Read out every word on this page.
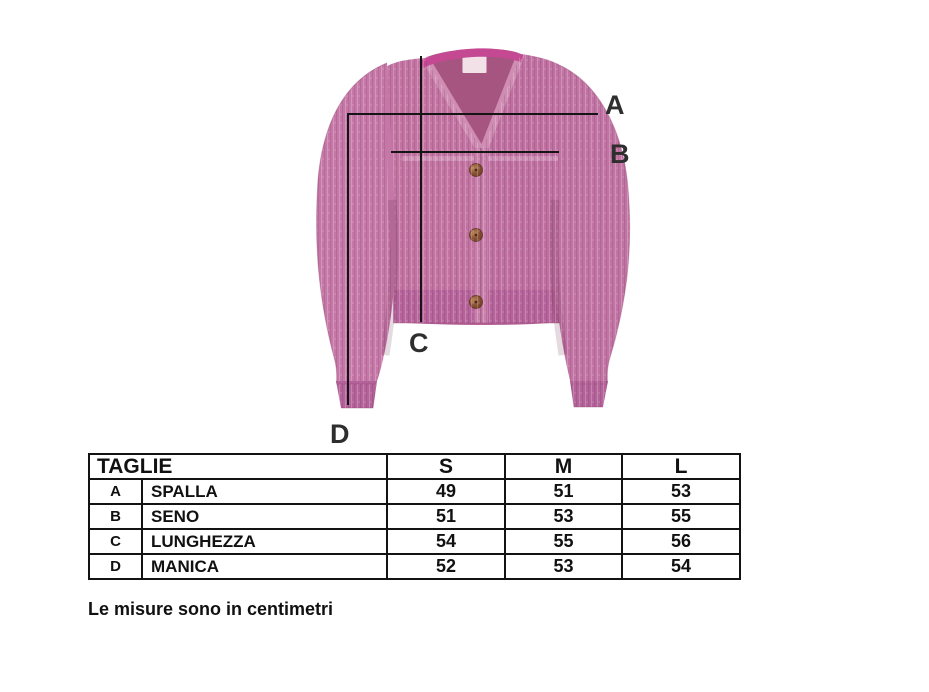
A
B
C
D
TAGLIE		S	M	L
A	SPALLA	49	51	53
B	SENO	51	53	55
C	LUNGHEZZA	54	55	56
D	MANICA	52	53	54
Le misure sono in centimetri
